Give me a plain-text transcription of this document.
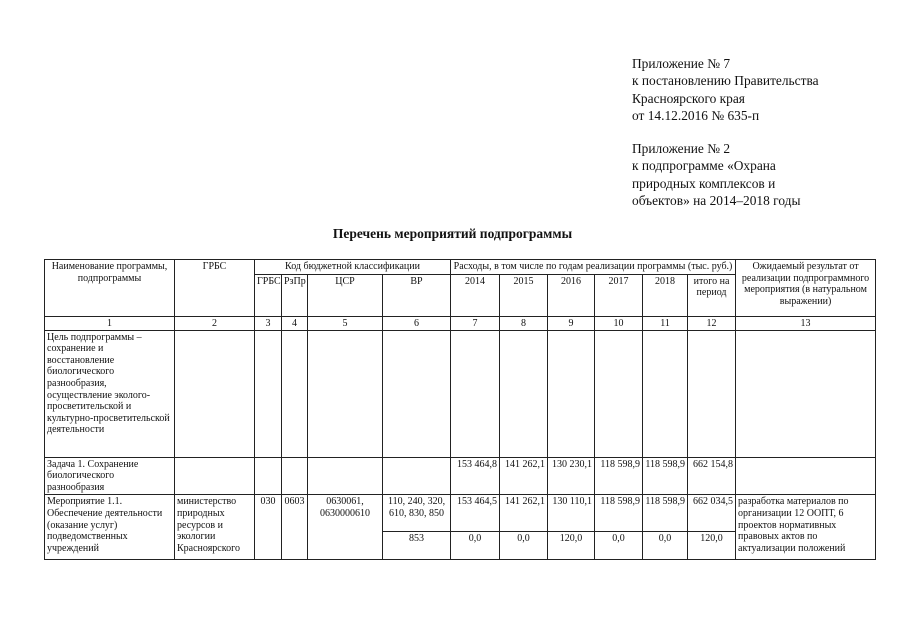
Приложение № 7
к постановлению Правительства
Красноярского края
от 14.12.2016 № 635-п
Приложение № 2
к подпрограмме «Охрана
природных комплексов и
объектов» на 2014–2018 годы
Перечень мероприятий подпрограммы
Наименование программы, подпрограммы	ГРБС	Код бюджетной классификации				Расходы, в том числе по годам реализации программы (тыс. руб.)						Ожидаемый результат от реализации подпрограммного мероприятия (в натуральном выражении)
		ГРБС	РзПр	ЦСР	ВР	2014	2015	2016	2017	2018	итого на период	
1	2	3	4	5	6	7	8	9	10	11	12	13
Цель подпрограммы – сохранение и восстановление биологического разнообразия, осуществление эколого-просветительской и культурно-просветительской деятельности												
Задача 1. Сохранение биологического разнообразия						153 464,8	141 262,1	130 230,1	118 598,9	118 598,9	662 154,8	
Мероприятие 1.1. Обеспечение деятельности (оказание услуг) подведомственных учреждений	министерство природных ресурсов и экологии Красноярского	030	0603	0630061, 0630000610	110, 240, 320, 610, 830, 850	153 464,5	141 262,1	130 110,1	118 598,9	118 598,9	662 034,5	разработка материалов по организации 12 ООПТ, 6 проектов нормативных правовых актов по актуализации положений
					853	0,0	0,0	120,0	0,0	0,0	120,0	
